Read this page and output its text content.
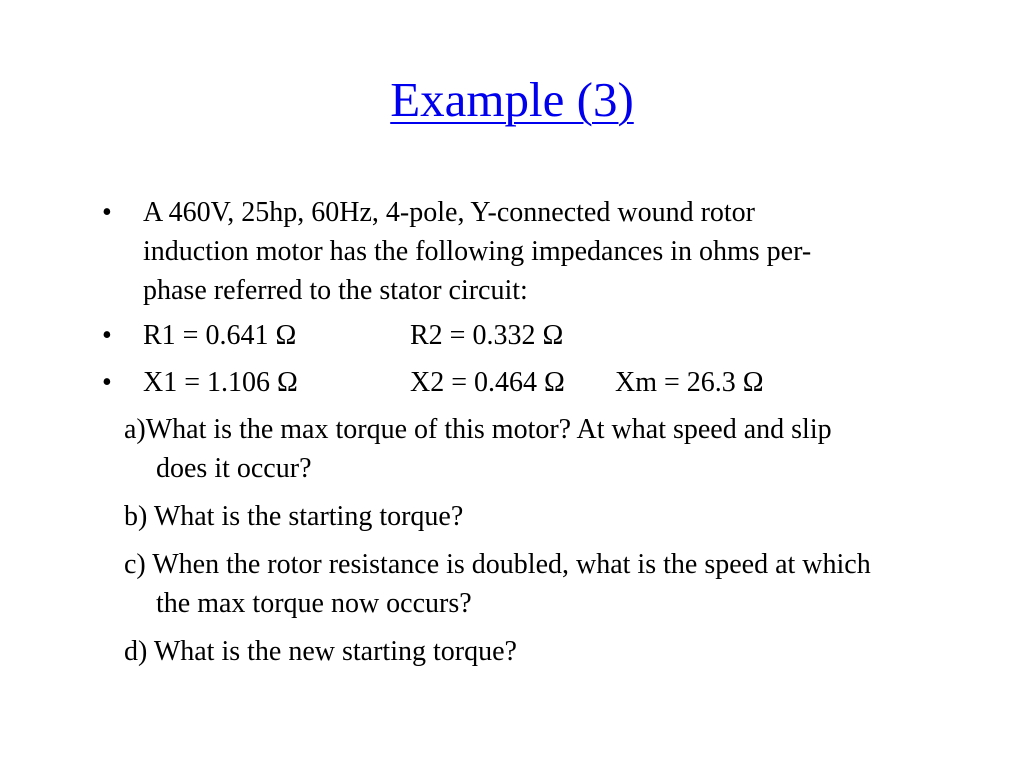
Example (3)
• A 460V, 25hp, 60Hz, 4-pole, Y-connected wound rotor induction motor has the following impedances in ohms per-phase referred to the stator circuit:
• R1 = 0.641 Ω	R2 = 0.332 Ω
• X1 = 1.106 Ω	X2 = 0.464 Ω Xm = 26.3 Ω
a)What is the max torque of this motor? At what speed and slip does it occur?
b) What is the starting torque?
c) When the rotor resistance is doubled, what is the speed at which the max torque now occurs?
d) What is the new starting torque?
